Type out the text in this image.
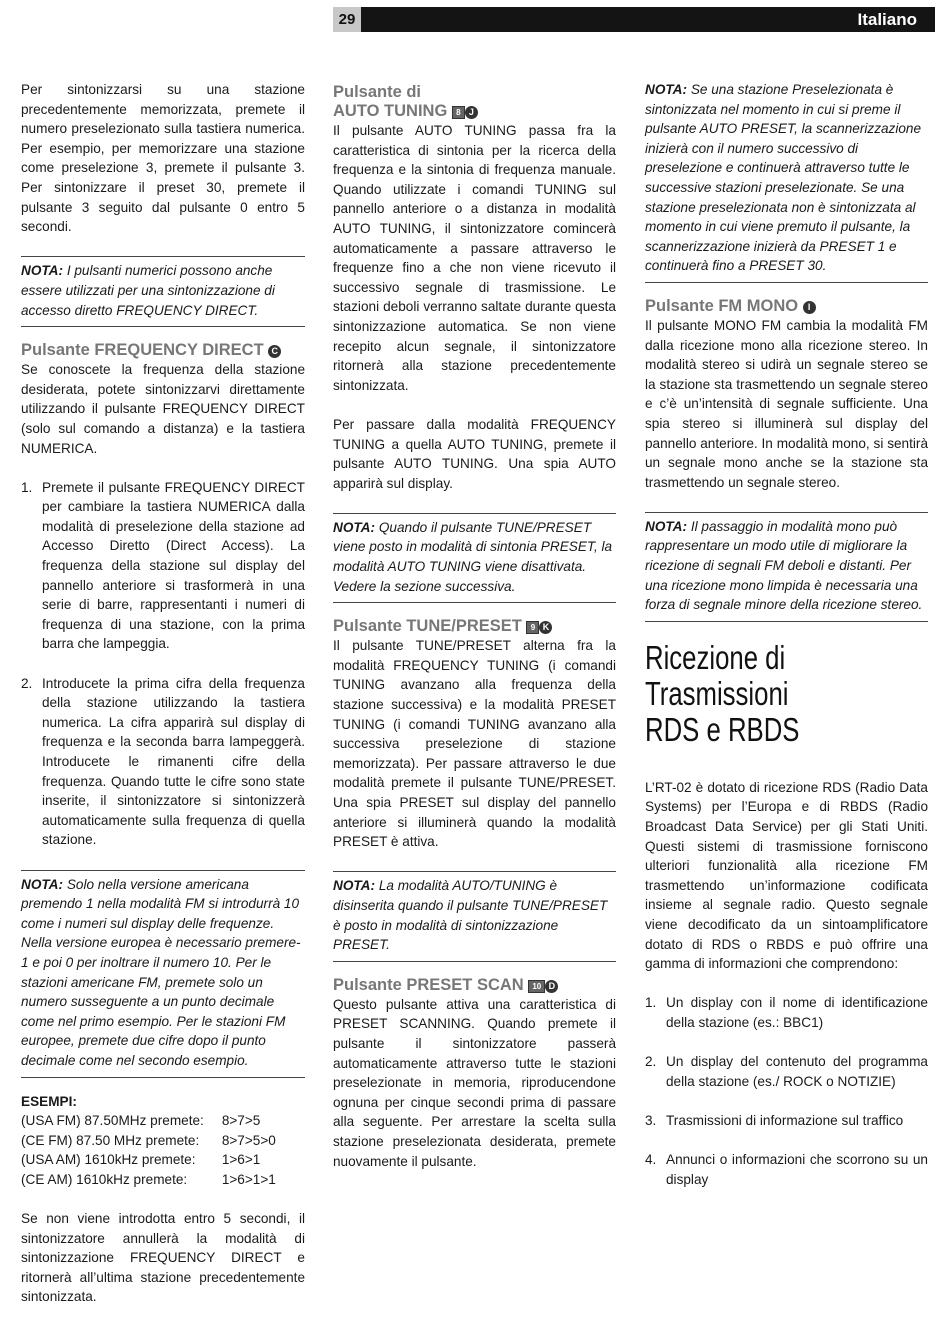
29	Italiano

Per sintonizzarsi su una stazione precedentemente memorizzata, premete il numero preselezionato sulla tastiera numerica. Per esempio, per memorizzare una stazione come preselezione 3, premete il pulsante 3. Per sintonizzare il preset 30, premete il pulsante 3 seguito dal pulsante 0 entro 5 secondi.

NOTA: I pulsanti numerici possono anche essere utilizzati per una sintonizzazione di accesso diretto FREQUENCY DIRECT.
Pulsante FREQUENCY DIRECT C

Se conoscete la frequenza della stazione desiderata, potete sintonizzarvi direttamente utilizzando il pulsante FREQUENCY DIRECT (solo sul comando a distanza) e la tastiera NUMERICA.

1. Premete il pulsante FREQUENCY DIRECT per cambiare la tastiera NUMERICA dalla modalità di preselezione della stazione ad Accesso Diretto (Direct Access). La frequenza della stazione sul display del pannello anteriore si trasformerà in una serie di barre, rappresentanti i numeri di frequenza di una stazione, con la prima barra che lampeggia.
2. Introducete la prima cifra della frequenza della stazione utilizzando la tastiera numerica. La cifra apparirà sul display di frequenza e la seconda barra lampeggerà. Introducete le rimanenti cifre della frequenza. Quando tutte le cifre sono state inserite, il sintonizzatore si sintonizzerà automaticamente sulla frequenza di quella stazione.
NOTA: Solo nella versione americana premendo 1 nella modalità FM si introdurrà 10 come i numeri sul display delle frequenze. Nella versione europea è necessario premere- 1 e poi 0 per inoltrare il numero 10. Per le stazioni americane FM, premete solo un numero susseguente a un punto decimale come nel primo esempio. Per le stazioni FM europee, premete due cifre dopo il punto decimale come nel secondo esempio.
ESEMPI:
(USA FM) 87.50MHz premete:	8>7>5
(CE FM) 87.50 MHz premete:	8>7>5>0
(USA AM) 1610kHz premete:	1>6>1
(CE AM) 1610kHz premete:	1>6>1>1

Se non viene introdotta entro 5 secondi, il sintonizzatore annullerà la modalità di sintonizzazione FREQUENCY DIRECT e ritornerà all’ultima stazione precedentemente sintonizzata.

Pulsante di
AUTO TUNING 8 J

Il pulsante AUTO TUNING passa fra la caratteristica di sintonia per la ricerca della frequenza e la sintonia di frequenza manuale. Quando utilizzate i comandi TUNING sul pannello anteriore o a distanza in modalità AUTO TUNING, il sintonizzatore comincerà automaticamente a passare attraverso le frequenze fino a che non viene ricevuto il successivo segnale di trasmissione. Le stazioni deboli verranno saltate durante questa sintonizzazione automatica. Se non viene recepito alcun segnale, il sintonizzatore ritornerà alla stazione precedentemente sintonizzata.

Per passare dalla modalità FREQUENCY TUNING a quella AUTO TUNING, premete il pulsante AUTO TUNING. Una spia AUTO apparirà sul display.

NOTA: Quando il pulsante TUNE/PRESET viene posto in modalità di sintonia PRESET, la modalità AUTO TUNING viene disattivata. Vedere la sezione successiva.
Pulsante TUNE/PRESET 9 K

Il pulsante TUNE/PRESET alterna fra la modalità FREQUENCY TUNING (i comandi TUNING avanzano alla frequenza della stazione successiva) e la modalità PRESET TUNING (i comandi TUNING avanzano alla successiva preselezione di stazione memorizzata). Per passare attraverso le due modalità premete il pulsante TUNE/PRESET. Una spia PRESET sul display del pannello anteriore si illuminerà quando la modalità PRESET è attiva.

NOTA: La modalità AUTO/TUNING è disinserita quando il pulsante TUNE/PRESET è posto in modalità di sintonizzazione PRESET.
Pulsante PRESET SCAN 10 D

Questo pulsante attiva una caratteristica di PRESET SCANNING. Quando premete il pulsante il sintonizzatore passerà automaticamente attraverso tutte le stazioni preselezionate in memoria, riproducendone ognuna per cinque secondi prima di passare alla seguente. Per arrestare la scelta sulla stazione preselezionata desiderata, premete nuovamente il pulsante.

NOTA: Se una stazione Preselezionata è sintonizzata nel momento in cui si preme il pulsante AUTO PRESET, la scannerizzazione inizierà con il numero successivo di preselezione e continuerà attraverso tutte le successive stazioni preselezionate. Se una stazione preselezionata non è sintonizzata al momento in cui viene premuto il pulsante, la scannerizzazione inizierà da PRESET 1 e continuerà fino a PRESET 30.
Pulsante FM MONO I

Il pulsante MONO FM cambia la modalità FM dalla ricezione mono alla ricezione stereo. In modalità stereo si udirà un segnale stereo se la stazione sta trasmettendo un segnale stereo e c’è un’intensità di segnale sufficiente. Una spia stereo si illuminerà sul display del pannello anteriore. In modalità mono, si sentirà un segnale mono anche se la stazione sta trasmettendo un segnale stereo.

NOTA: Il passaggio in modalità mono può rappresentare un modo utile di migliorare la ricezione di segnali FM deboli e distanti. Per una ricezione mono limpida è necessaria una forza di segnale minore della ricezione stereo.
Ricezione di Trasmissioni
RDS e RBDS

L’RT-02 è dotato di ricezione RDS (Radio Data Systems) per l’Europa e di RBDS (Radio Broadcast Data Service) per gli Stati Uniti. Questi sistemi di trasmissione forniscono ulteriori funzionalità alla ricezione FM trasmettendo un’informazione codificata insieme al segnale radio. Questo segnale viene decodificato da un sintoamplificatore dotato di RDS o RBDS e può offrire una gamma di informazioni che comprendono:

1. Un display con il nome di identificazione della stazione (es.: BBC1)
2. Un display del contenuto del programma della stazione (es./ ROCK o NOTIZIE)
3. Trasmissioni di informazione sul traffico
4. Annunci o informazioni che scorrono su un display
